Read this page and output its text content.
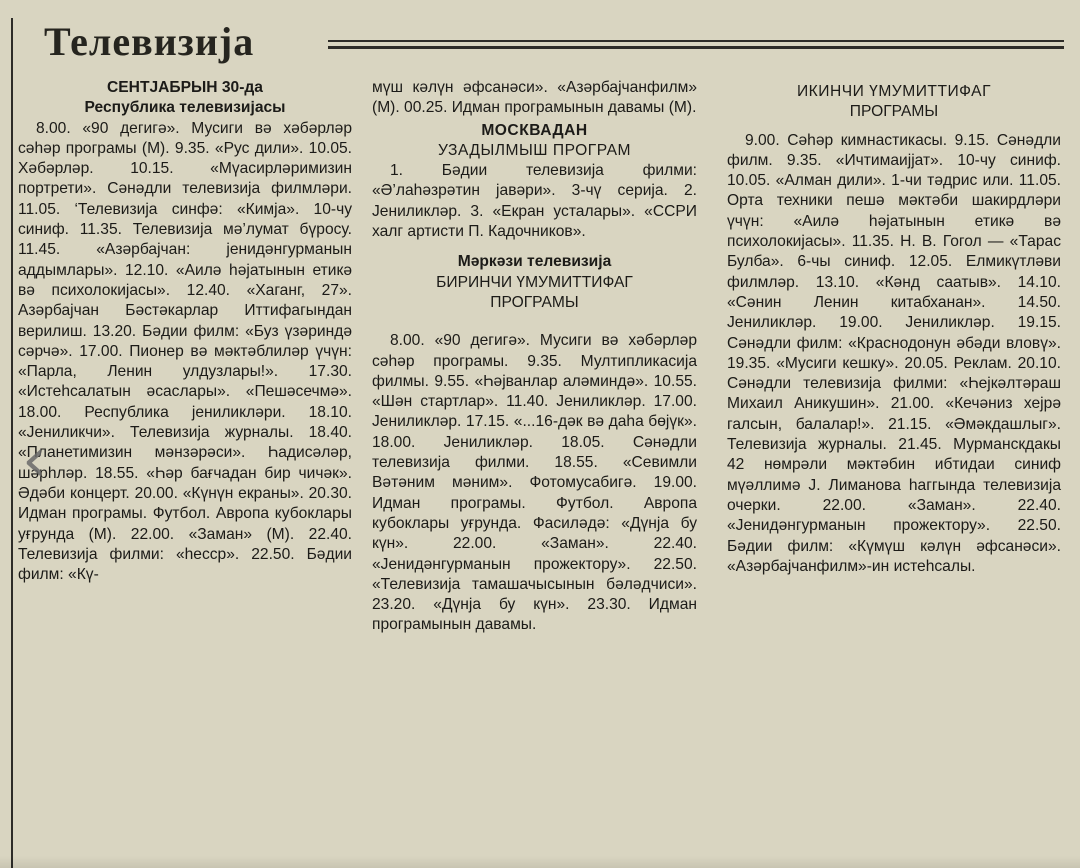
Телевизија
СЕНТЈАБРЫН 30-да
Республика телевизијасы
8.00. «90 дегигә». Мусиги вә хәбәрләр сәһәр програмы (М). 9.35. «Рус дили». 10.05. Хәбәрләр. 10.15. «Мүасирләримизин портрети». Сәнәдли телевизија филмләри. 11.05. ‘Телевизија синфә: «Кимја». 10-чу синиф. 11.35. Телевизија мә’лумат бүросу. 11.45. «Азәрбајчан: јенидәнгурманын аддымлары». 12.10. «Аилә һәјатынын етикә вә психолокијасы». 12.40. «Хаганг, 27». Азәрбајчан Бәстәкарлар Иттифагындан верилиш. 13.20. Бәдии филм: «Буз үзәриндә сәрчә». 17.00. Пионер вә мәктәблиләр үчүн: «Парла, Ленин улдузлары!». 17.30. «Истеһсалатын әсаслары». «Пешәсечмә». 18.00. Республика јениликләри. 18.10. «Јениликчи». Телевизија журналы. 18.40. «Планетимизин мәнзәрәси». Һадисәләр, шәрһләр. 18.55. «Һәр бағчадан бир чичәк». Әдәби концерт. 20.00. «Күнүн екраны». 20.30. Идман програмы. Футбол. Авропа кубоклары уғрунда (М). 22.00. «Заман» (М). 22.40. Телевизија филми: «һесср». 22.50. Бәдии филм: «Кү-
мүш кәлүн әфсанәси». «Азәрбајчанфилм» (М). 00.25. Идман програмынын давамы (М).
МОСКВАДАН
УЗАДЫЛМЫШ ПРОГРАМ
1. Бәдии телевизија филми: «Ә’лаһәзрәтин јавәри». 3-чү серија. 2. Јениликләр. 3. «Екран усталары». «ССРИ халг артисти П. Кадочников».
Мәркәзи телевизија
БИРИНЧИ ҮМУМИТТИФАГ
ПРОГРАМЫ
8.00. «90 дегигә». Мусиги вә хәбәрләр сәһәр програмы. 9.35. Мултипликасија филмы. 9.55. «Һәјванлар аләминдә». 10.55. «Шән стартлар». 11.40. Јениликләр. 17.00. Јениликләр. 17.15. «...16-дәк вә даһа бөјүк». 18.00. Јениликләр. 18.05. Сәнәдли телевизија филми. 18.55. «Севимли Вәтәним мәним». Фотомусабигә. 19.00. Идман програмы. Футбол. Авропа кубоклары уғрунда. Фасиләдә: «Дүнја бу күн». 22.00. «Заман». 22.40. «Јенидәнгурманын прожектору». 22.50. «Телевизија тамашачысынын бәләдчиси». 23.20. «Дүнја бу күн». 23.30. Идман програмынын давамы.
ИКИНЧИ ҮМУМИТТИФАГ
ПРОГРАМЫ
9.00. Сәһәр кимнастикасы. 9.15. Сәнәдли филм. 9.35. «Ичтимаијјат». 10-чу синиф. 10.05. «Алман дили». 1-чи тәдрис или. 11.05. Орта техники пешә мәктәби шакирдләри үчүн: «Аилә һәјатынын етикә вә психолокијасы». 11.35. Н. В. Гогол — «Тарас Булба». 6-чы синиф. 12.05. Елмикүтләви филмләр. 13.10. «Кәнд саатыв». 14.10. «Сәнин Ленин китабханан». 14.50. Јениликләр. 19.00. Јениликләр. 19.15. Сәнәдли филм: «Краснодонун әбәди вловү». 19.35. «Мусиги кешку». 20.05. Реклам. 20.10. Сәнәдли телевизија филми: «Һејкәлтәраш Михаил Аникушин». 21.00. «Кечәниз хејрә галсын, балалар!». 21.15. «Әмәкдашлыг». Телевизија журналы. 21.45. Мурманскдакы 42 нөмрәли мәктәбин ибтидаи синиф мүәллимә Ј. Лиманова һаггында телевизија очерки. 22.00. «Заман». 22.40. «Јенидәнгурманын прожектору». 22.50. Бәдии филм: «Күмүш кәлүн әфсанәси». «Азәрбајчанфилм»-ин истеһсалы.
‹
